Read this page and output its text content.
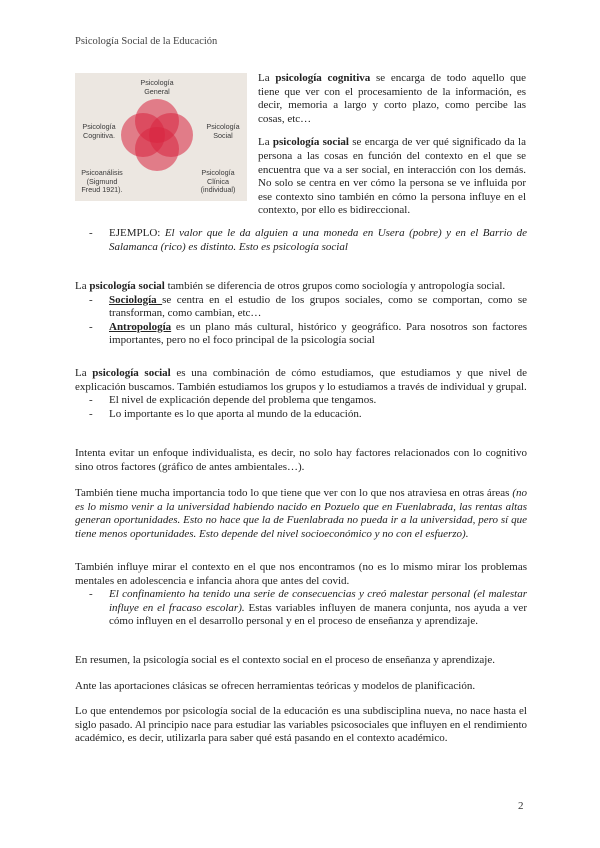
Psicología Social de la Educación
Psicología General
Psicología Cognitiva.
Psicología Social
Psicoanálisis (Sigmund Freud 1921).
Psicología Clínica (individual)

La psicología cognitiva se encarga de todo aquello que tiene que ver con el procesamiento de la información, es decir, memoria a largo y corto plazo, como percibe las cosas, etc…

La psicología social se encarga de ver qué significado da la persona a las cosas en función del contexto en el que se encuentra que va a ser social, en interacción con los demás. No solo se centra en ver cómo la persona se ve influida por ese contexto sino también en cómo la persona influye en el contexto, por ello es bidireccional.

- EJEMPLO: El valor que le da alguien a una moneda en Usera (pobre) y en el Barrio de Salamanca (rico) es distinto. Esto es psicología social

La psicología social también se diferencia de otros grupos como sociología y antropología social.

- Sociología se centra en el estudio de los grupos sociales, como se comportan, como se transforman, como cambian, etc…
- Antropología es un plano más cultural, histórico y geográfico. Para nosotros son factores importantes, pero no el foco principal de la psicología social

La psicología social es una combinación de cómo estudiamos, que estudiamos y que nivel de explicación buscamos. También estudiamos los grupos y lo estudiamos a través de individual y grupal.

- El nivel de explicación depende del problema que tengamos.
- Lo importante es lo que aporta al mundo de la educación.

Intenta evitar un enfoque individualista, es decir, no solo hay factores relacionados con lo cognitivo sino otros factores (gráfico de antes ambientales…).

También tiene mucha importancia todo lo que tiene que ver con lo que nos atraviesa en otras áreas (no es lo mismo venir a la universidad habiendo nacido en Pozuelo que en Fuenlabrada, las rentas altas generan oportunidades. Esto no hace que la de Fuenlabrada no pueda ir a la universidad, pero sí que tiene menos oportunidades. Esto depende del nivel socioeconómico y no con el esfuerzo).

También influye mirar el contexto en el que nos encontramos (no es lo mismo mirar los problemas mentales en adolescencia e infancia ahora que antes del covid.

- El confinamiento ha tenido una serie de consecuencias y creó malestar personal (el malestar influye en el fracaso escolar). Estas variables influyen de manera conjunta, nos ayuda a ver cómo influyen en el desarrollo personal y en el proceso de enseñanza y aprendizaje.

En resumen, la psicología social es el contexto social en el proceso de enseñanza y aprendizaje.

Ante las aportaciones clásicas se ofrecen herramientas teóricas y modelos de planificación.

Lo que entendemos por psicología social de la educación es una subdisciplina nueva, no nace hasta el siglo pasado. Al principio nace para estudiar las variables psicosociales que influyen en el rendimiento académico, es decir, utilizarla para saber qué está pasando en el contexto académico.

2
